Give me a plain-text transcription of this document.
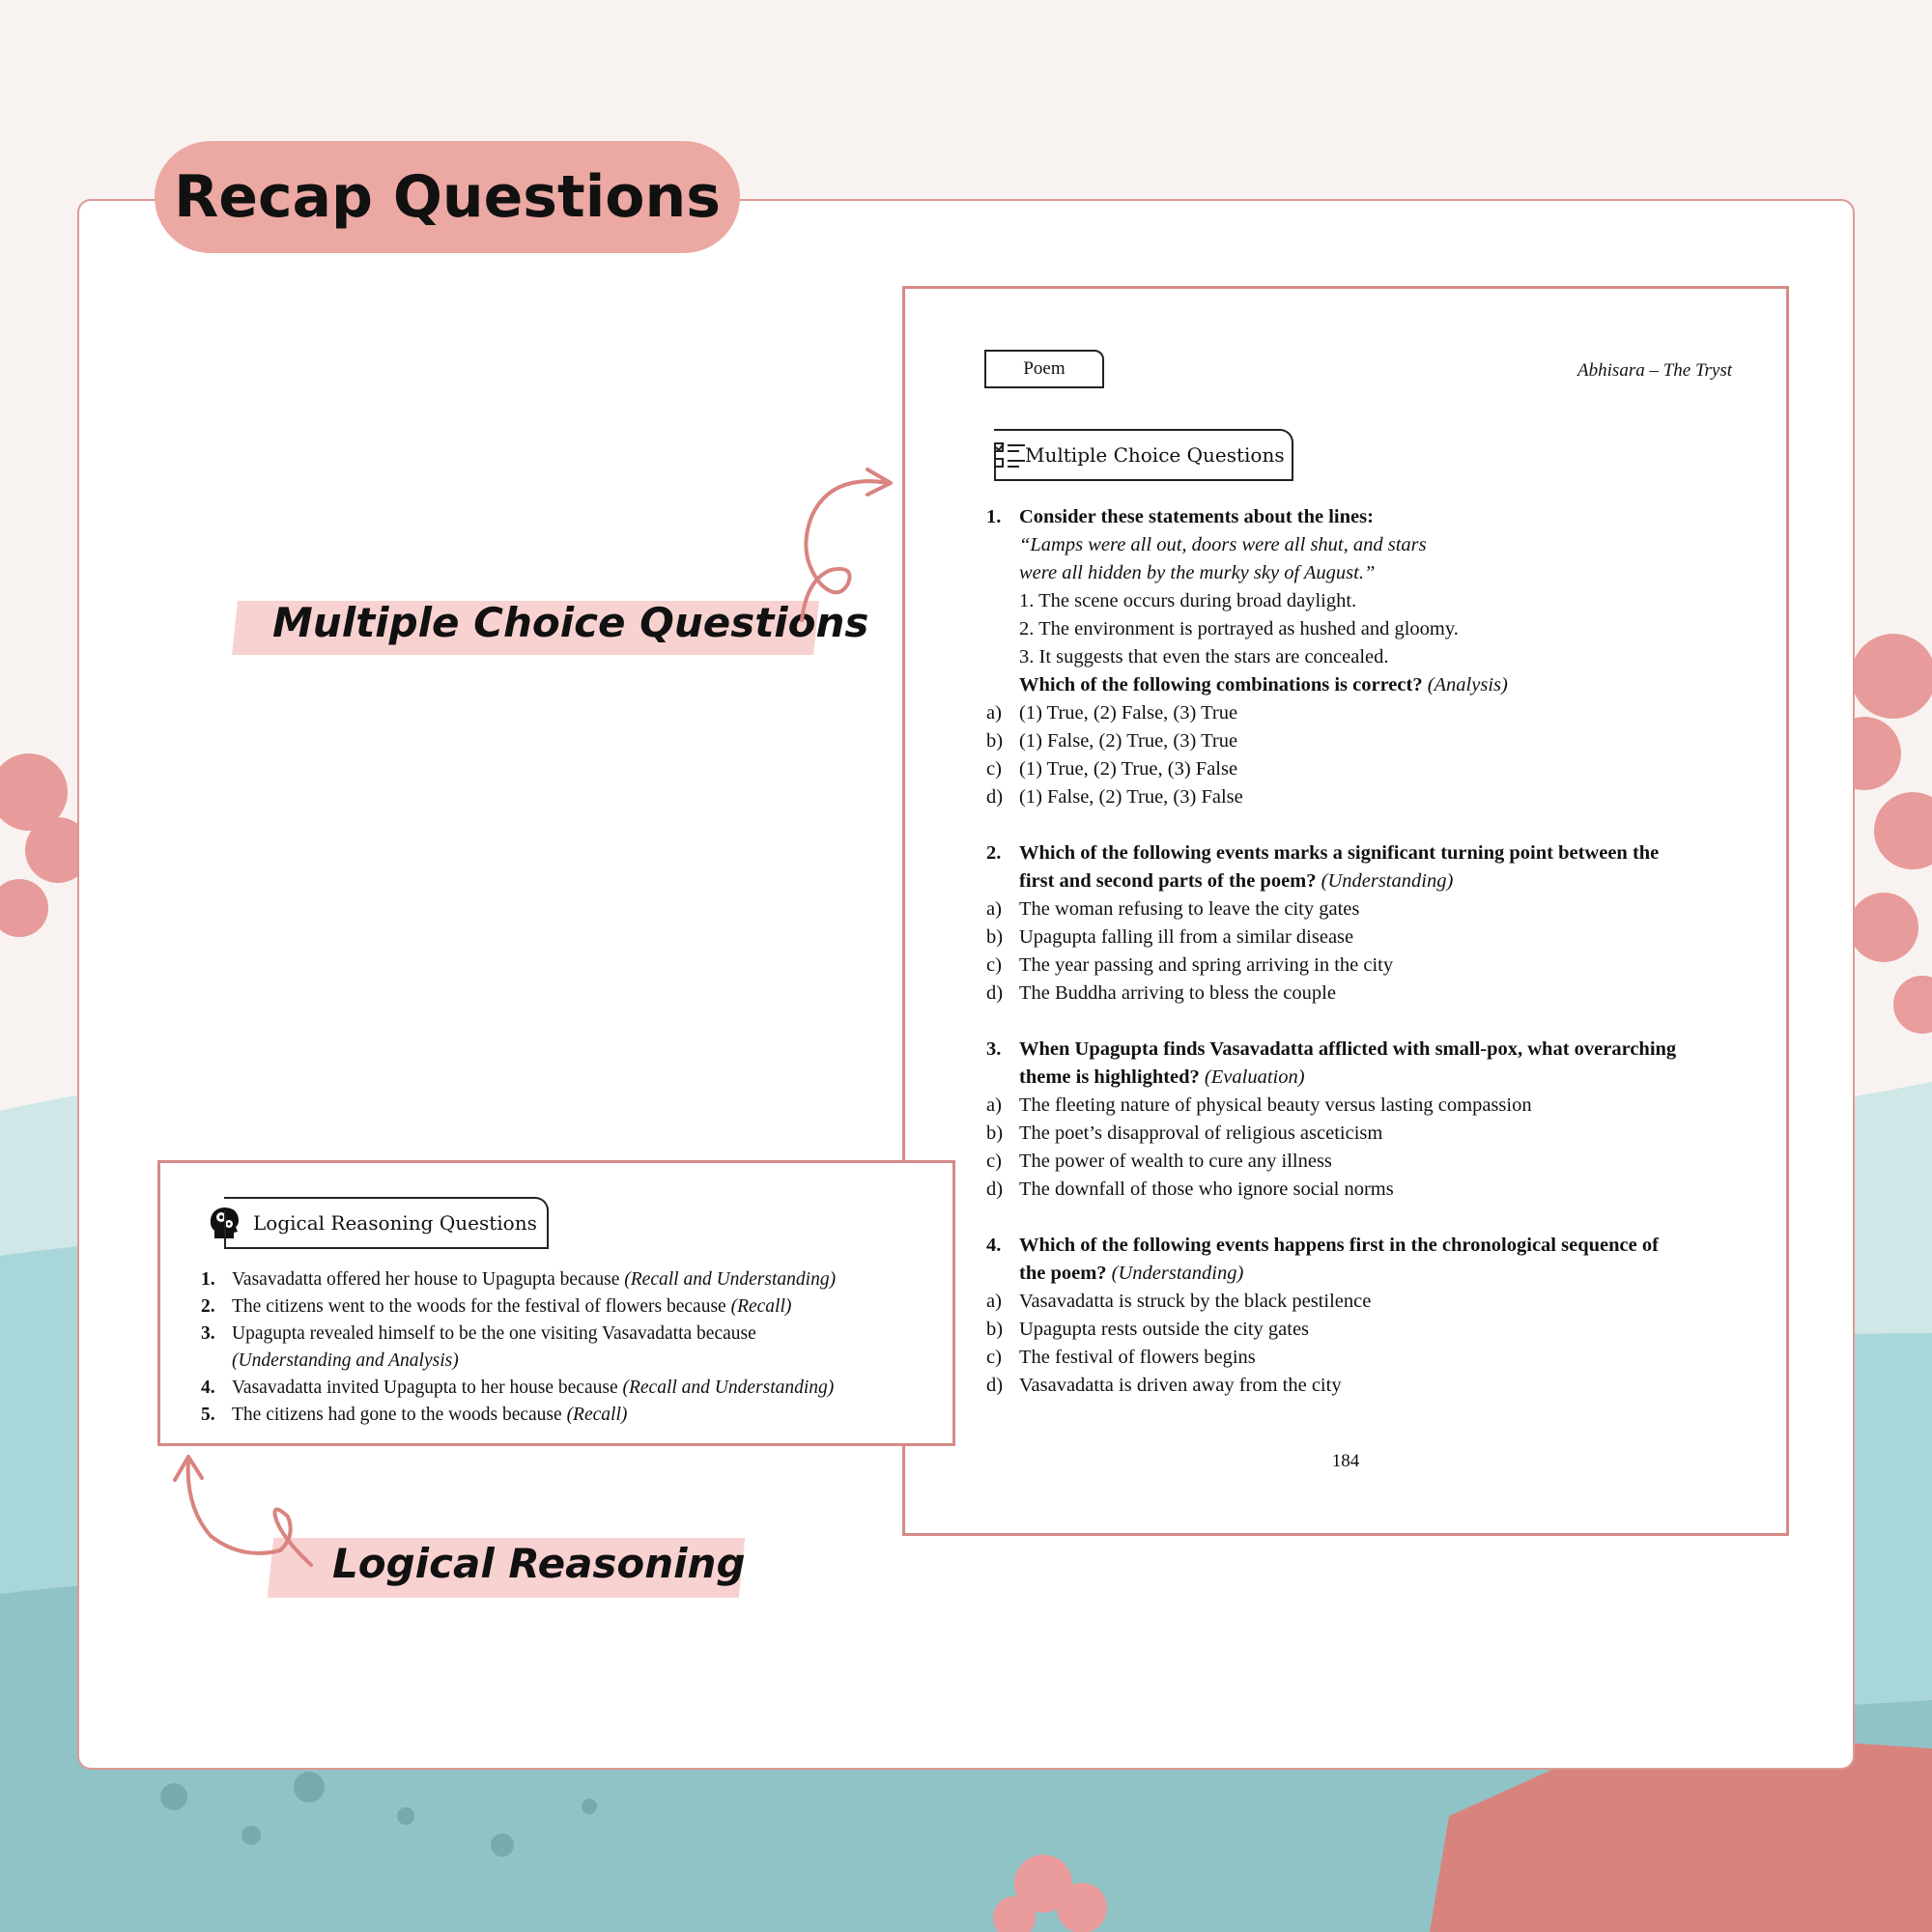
Recap Questions
Multiple Choice Questions
Logical Reasoning
Poem	Abhisara – The Tryst
Multiple Choice Questions
1. Consider these statements about the lines:
“Lamps were all out, doors were all shut, and stars
were all hidden by the murky sky of August.”
1. The scene occurs during broad daylight.
2. The environment is portrayed as hushed and gloomy.
3. It suggests that even the stars are concealed.
Which of the following combinations is correct? (Analysis)
a) (1) True, (2) False, (3) True
b) (1) False, (2) True, (3) True
c) (1) True, (2) True, (3) False
d) (1) False, (2) True, (3) False
2. Which of the following events marks a significant turning point between the
first and second parts of the poem? (Understanding)
a) The woman refusing to leave the city gates
b) Upagupta falling ill from a similar disease
c) The year passing and spring arriving in the city
d) The Buddha arriving to bless the couple
3. When Upagupta finds Vasavadatta afflicted with small-pox, what overarching
theme is highlighted? (Evaluation)
a) The fleeting nature of physical beauty versus lasting compassion
b) The poet’s disapproval of religious asceticism
c) The power of wealth to cure any illness
d) The downfall of those who ignore social norms
4. Which of the following events happens first in the chronological sequence of
the poem? (Understanding)
a) Vasavadatta is struck by the black pestilence
b) Upagupta rests outside the city gates
c) The festival of flowers begins
d) Vasavadatta is driven away from the city
184
Logical Reasoning Questions
1. Vasavadatta offered her house to Upagupta because (Recall and Understanding)
2. The citizens went to the woods for the festival of flowers because (Recall)
3. Upagupta revealed himself to be the one visiting Vasavadatta because
(Understanding and Analysis)
4. Vasavadatta invited Upagupta to her house because (Recall and Understanding)
5. The citizens had gone to the woods because (Recall)
